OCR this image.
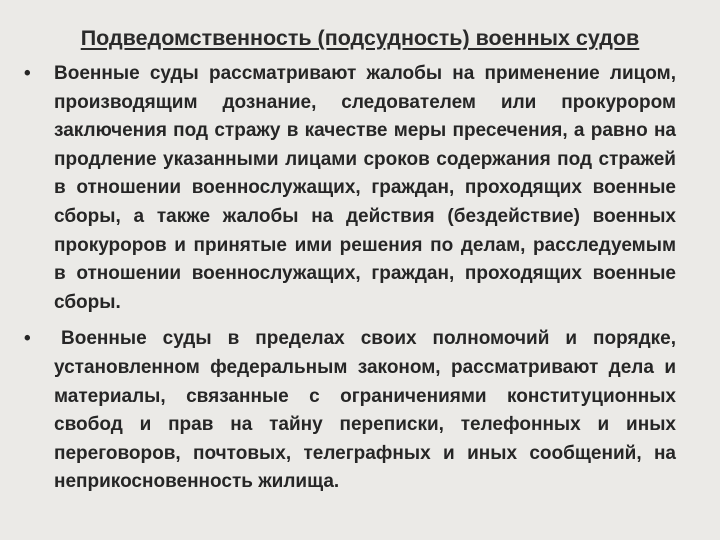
Подведомственность (подсудность) военных судов
• Военные суды рассматривают жалобы на применение лицом, производящим дознание, следователем или прокурором заключения под стражу в качестве меры пресечения, а равно на продление указанными лицами сроков содержания под стражей в отношении военнослужащих, граждан, проходящих военные сборы, а также жалобы на действия (бездействие) военных прокуроров и принятые ими решения по делам, расследуемым в отношении военнослужащих, граждан, проходящих военные сборы.

•	Военные суды в пределах своих полномочий и порядке, установленном федеральным законом, рассматривают дела и материалы, связанные с ограничениями конституционных свобод и прав на тайну переписки, телефонных и иных переговоров, почтовых, телеграфных и иных сообщений, на неприкосновенность жилища.
